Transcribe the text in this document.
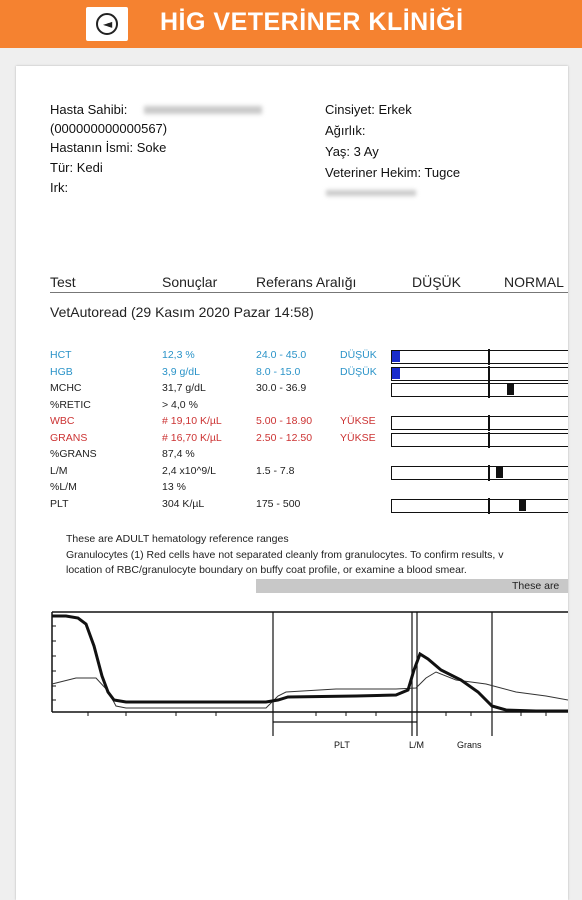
◄ HİG VETERİNER KLİNİĞİ
Hasta Sahibi:
(000000000000567)
Hastanın İsmi: Soke
Tür: Kedi
Irk:
Cinsiyet: Erkek
Ağırlık:
Yaş: 3 Ay
Veteriner Hekim: Tugce
Test	Sonuçlar	Referans Aralığı	DÜŞÜK	NORMAL
VetAutoread (29 Kasım 2020 Pazar 14:58)
HCT	12,3 %	24.0 - 45.0	DÜŞÜK
HGB	3,9 g/dL	8.0 - 15.0	DÜŞÜK
MCHC	31,7 g/dL	30.0 - 36.9
%RETIC	> 4,0 %
WBC	# 19,10 K/µL	5.00 - 18.90	YÜKSE
GRANS	# 16,70 K/µL	2.50 - 12.50	YÜKSE
%GRANS	87,4 %
L/M	2,4 x10^9/L	1.5 - 7.8
%L/M	13 %
PLT	304 K/µL	175 - 500
These are ADULT hematology reference ranges
Granulocytes (1) Red cells have not separated cleanly from granulocytes. To confirm results, v
location of RBC/granulocyte boundary on buffy coat profile, or examine a blood smear.
These are
PLT	L/M	Grans
